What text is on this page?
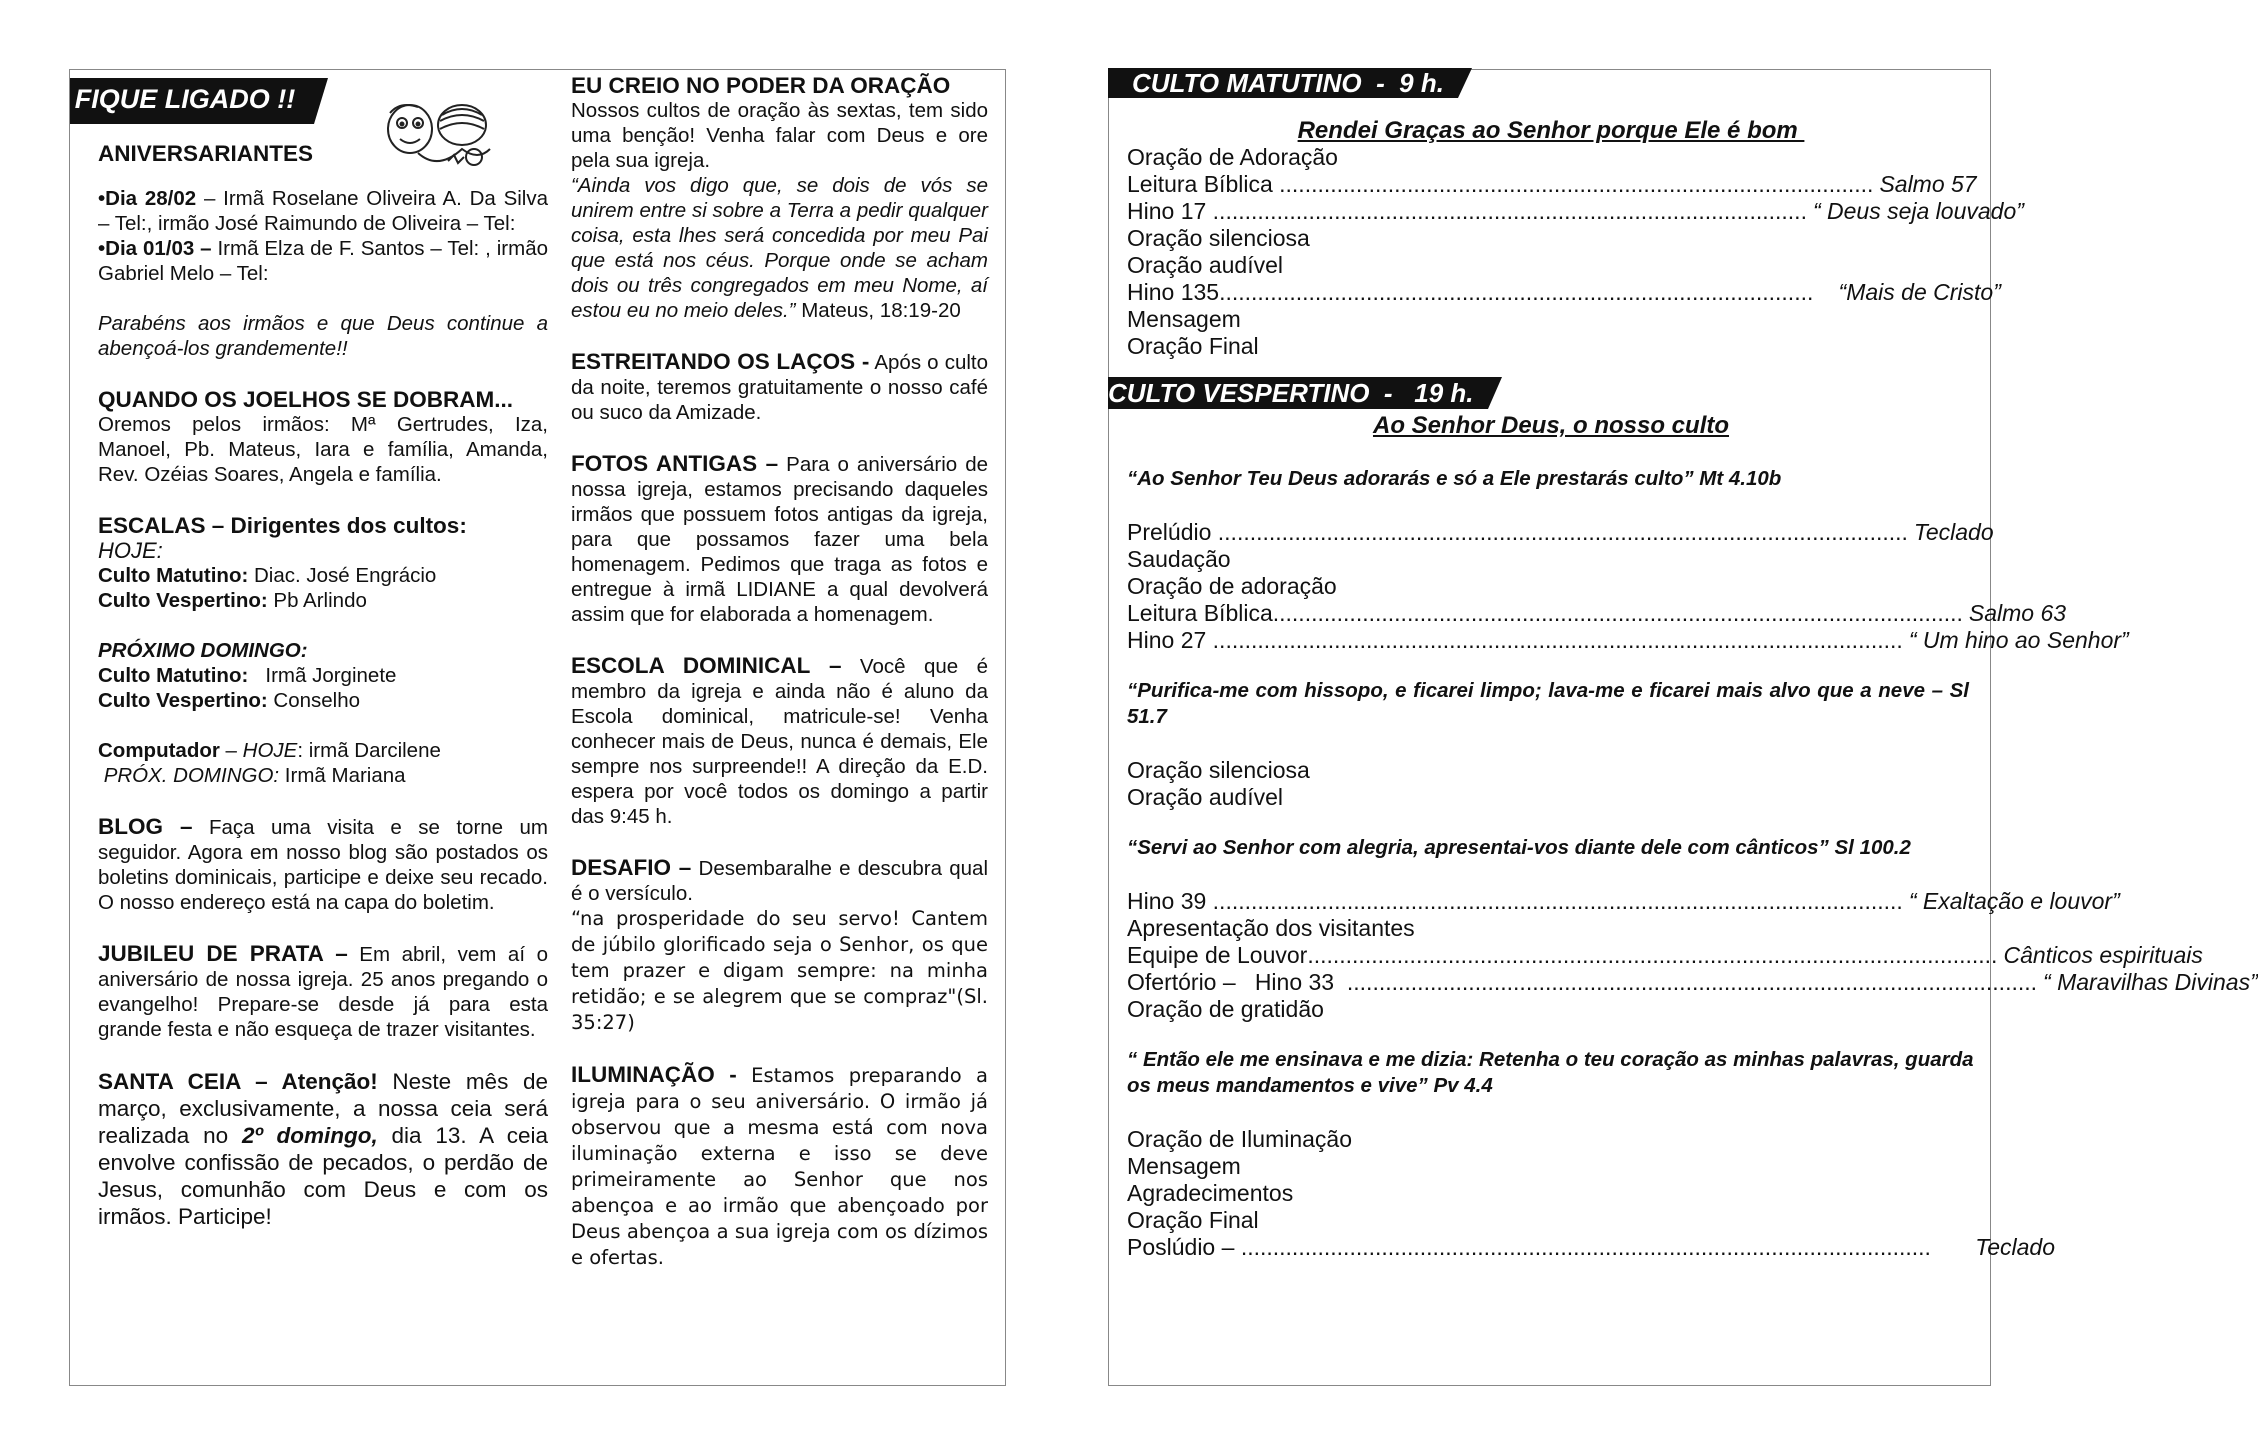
FIQUE LIGADO !!
ANIVERSARIANTES
•Dia 28/02 – Irmã Roselane Oliveira A. Da Silva – Tel:, irmão José Raimundo de Oliveira – Tel:
•Dia 01/03 – Irmã Elza de F. Santos – Tel: , irmão Gabriel Melo – Tel:
Parabéns aos irmãos e que Deus continue a abençoá-los grandemente!!
QUANDO OS JOELHOS SE DOBRAM...
Oremos pelos irmãos: Mª Gertrudes, Iza, Manoel, Pb. Mateus, Iara e família, Amanda, Rev. Ozéias Soares, Angela e família.
ESCALAS – Dirigentes dos cultos:
HOJE:
Culto Matutino: Diac. José Engrácio
Culto Vespertino: Pb Arlindo
PRÓXIMO DOMINGO:
Culto Matutino:   Irmã Jorginete
Culto Vespertino: Conselho
Computador – HOJE: irmã Darcilene
PRÓX. DOMINGO: Irmã Mariana
BLOG – Faça uma visita e se torne um seguidor. Agora em nosso blog são postados os boletins dominicais, participe e deixe seu recado. O nosso endereço está na capa do boletim.
JUBILEU DE PRATA – Em abril, vem aí o aniversário de nossa igreja. 25 anos pregando o evangelho! Prepare-se desde já para esta grande festa e não esqueça de trazer visitantes.
SANTA CEIA – Atenção! Neste mês de março, exclusivamente, a nossa ceia será realizada no 2º domingo, dia 13. A ceia envolve confissão de pecados, o perdão de Jesus, comunhão com Deus e com os irmãos. Participe!
EU CREIO NO PODER DA ORAÇÃO
Nossos cultos de oração às sextas, tem sido uma benção! Venha falar com Deus e ore pela sua igreja.
“Ainda vos digo que, se dois de vós se unirem entre si sobre a Terra a pedir qualquer coisa, esta lhes será concedida por meu Pai que está nos céus. Porque onde se acham dois ou três congregados em meu Nome, aí estou eu no meio deles.” Mateus, 18:19-20
ESTREITANDO OS LAÇOS - Após o culto da noite, teremos gratuitamente o nosso café ou suco da Amizade.
FOTOS ANTIGAS – Para o aniversário de nossa igreja, estamos precisando daqueles irmãos que possuem fotos antigas da igreja, para que possamos fazer uma bela homenagem. Pedimos que traga as fotos e entregue à irmã LIDIANE a qual devolverá assim que for elaborada a homenagem.
ESCOLA DOMINICAL – Você que é membro da igreja e ainda não é aluno da Escola dominical, matricule-se! Venha conhecer mais de Deus, nunca é demais, Ele sempre nos surpreende!! A direção da E.D. espera por você todos os domingo a partir das 9:45 h.
DESAFIO – Desembaralhe e descubra qual é o versículo.
“na prosperidade do seu servo! Cantem de júbilo glorificado seja o Senhor, os que tem prazer e digam sempre: na minha retidão; e se alegrem que se compraz"(Sl. 35:27)
ILUMINAÇÃO - Estamos preparando a igreja para o seu aniversário. O irmão já observou que a mesma está com nova iluminação externa e isso se deve primeiramente ao Senhor que nos abençoa e ao irmão que abençoado por Deus abençoa a sua igreja com os dízimos e ofertas.
CULTO MATUTINO  -  9 h.
CULTO VESPERTINO  -   19 h.
Rendei Graças ao Senhor porque Ele é bom
Oração de Adoração
Leitura Bíblica ............................................................................................. Salmo 57
Hino 17 ............................................................................................. “ Deus seja louvado”
Oração silenciosa
Oração audível
Hino 135 ............................................................................................. “Mais de Cristo”
Mensagem
Oração Final
Ao Senhor Deus, o nosso culto
“Ao Senhor Teu Deus adorarás e só a Ele prestarás culto” Mt 4.10b
Prelúdio ............................................................................................................ Teclado
Saudação
Oração de adoração
Leitura Bíblica ............................................................................................................ Salmo 63
Hino 27 ............................................................................................................ “ Um hino ao Senhor”
“Purifica-me com hissopo, e ficarei limpo; lava-me e ficarei mais alvo que a neve – Sl 51.7
Oração silenciosa
Oração audível
“Servi ao Senhor com alegria, apresentai-vos diante dele com cânticos” Sl 100.2
Hino 39 ............................................................................................................ “ Exaltação e louvor”
Apresentação dos visitantes
Equipe de Louvor ............................................................................................................ Cânticos espirituais
Ofertório –   Hino 33 ............................................................................................................ “ Maravilhas Divinas”
Oração de gratidão
“ Então ele me ensinava e me dizia: Retenha o teu coração as minhas palavras, guarda os meus mandamentos e vive” Pv 4.4
Oração de Iluminação
Mensagem
Agradecimentos
Oração Final
Poslúdio – ............................................................................................................ Teclado
